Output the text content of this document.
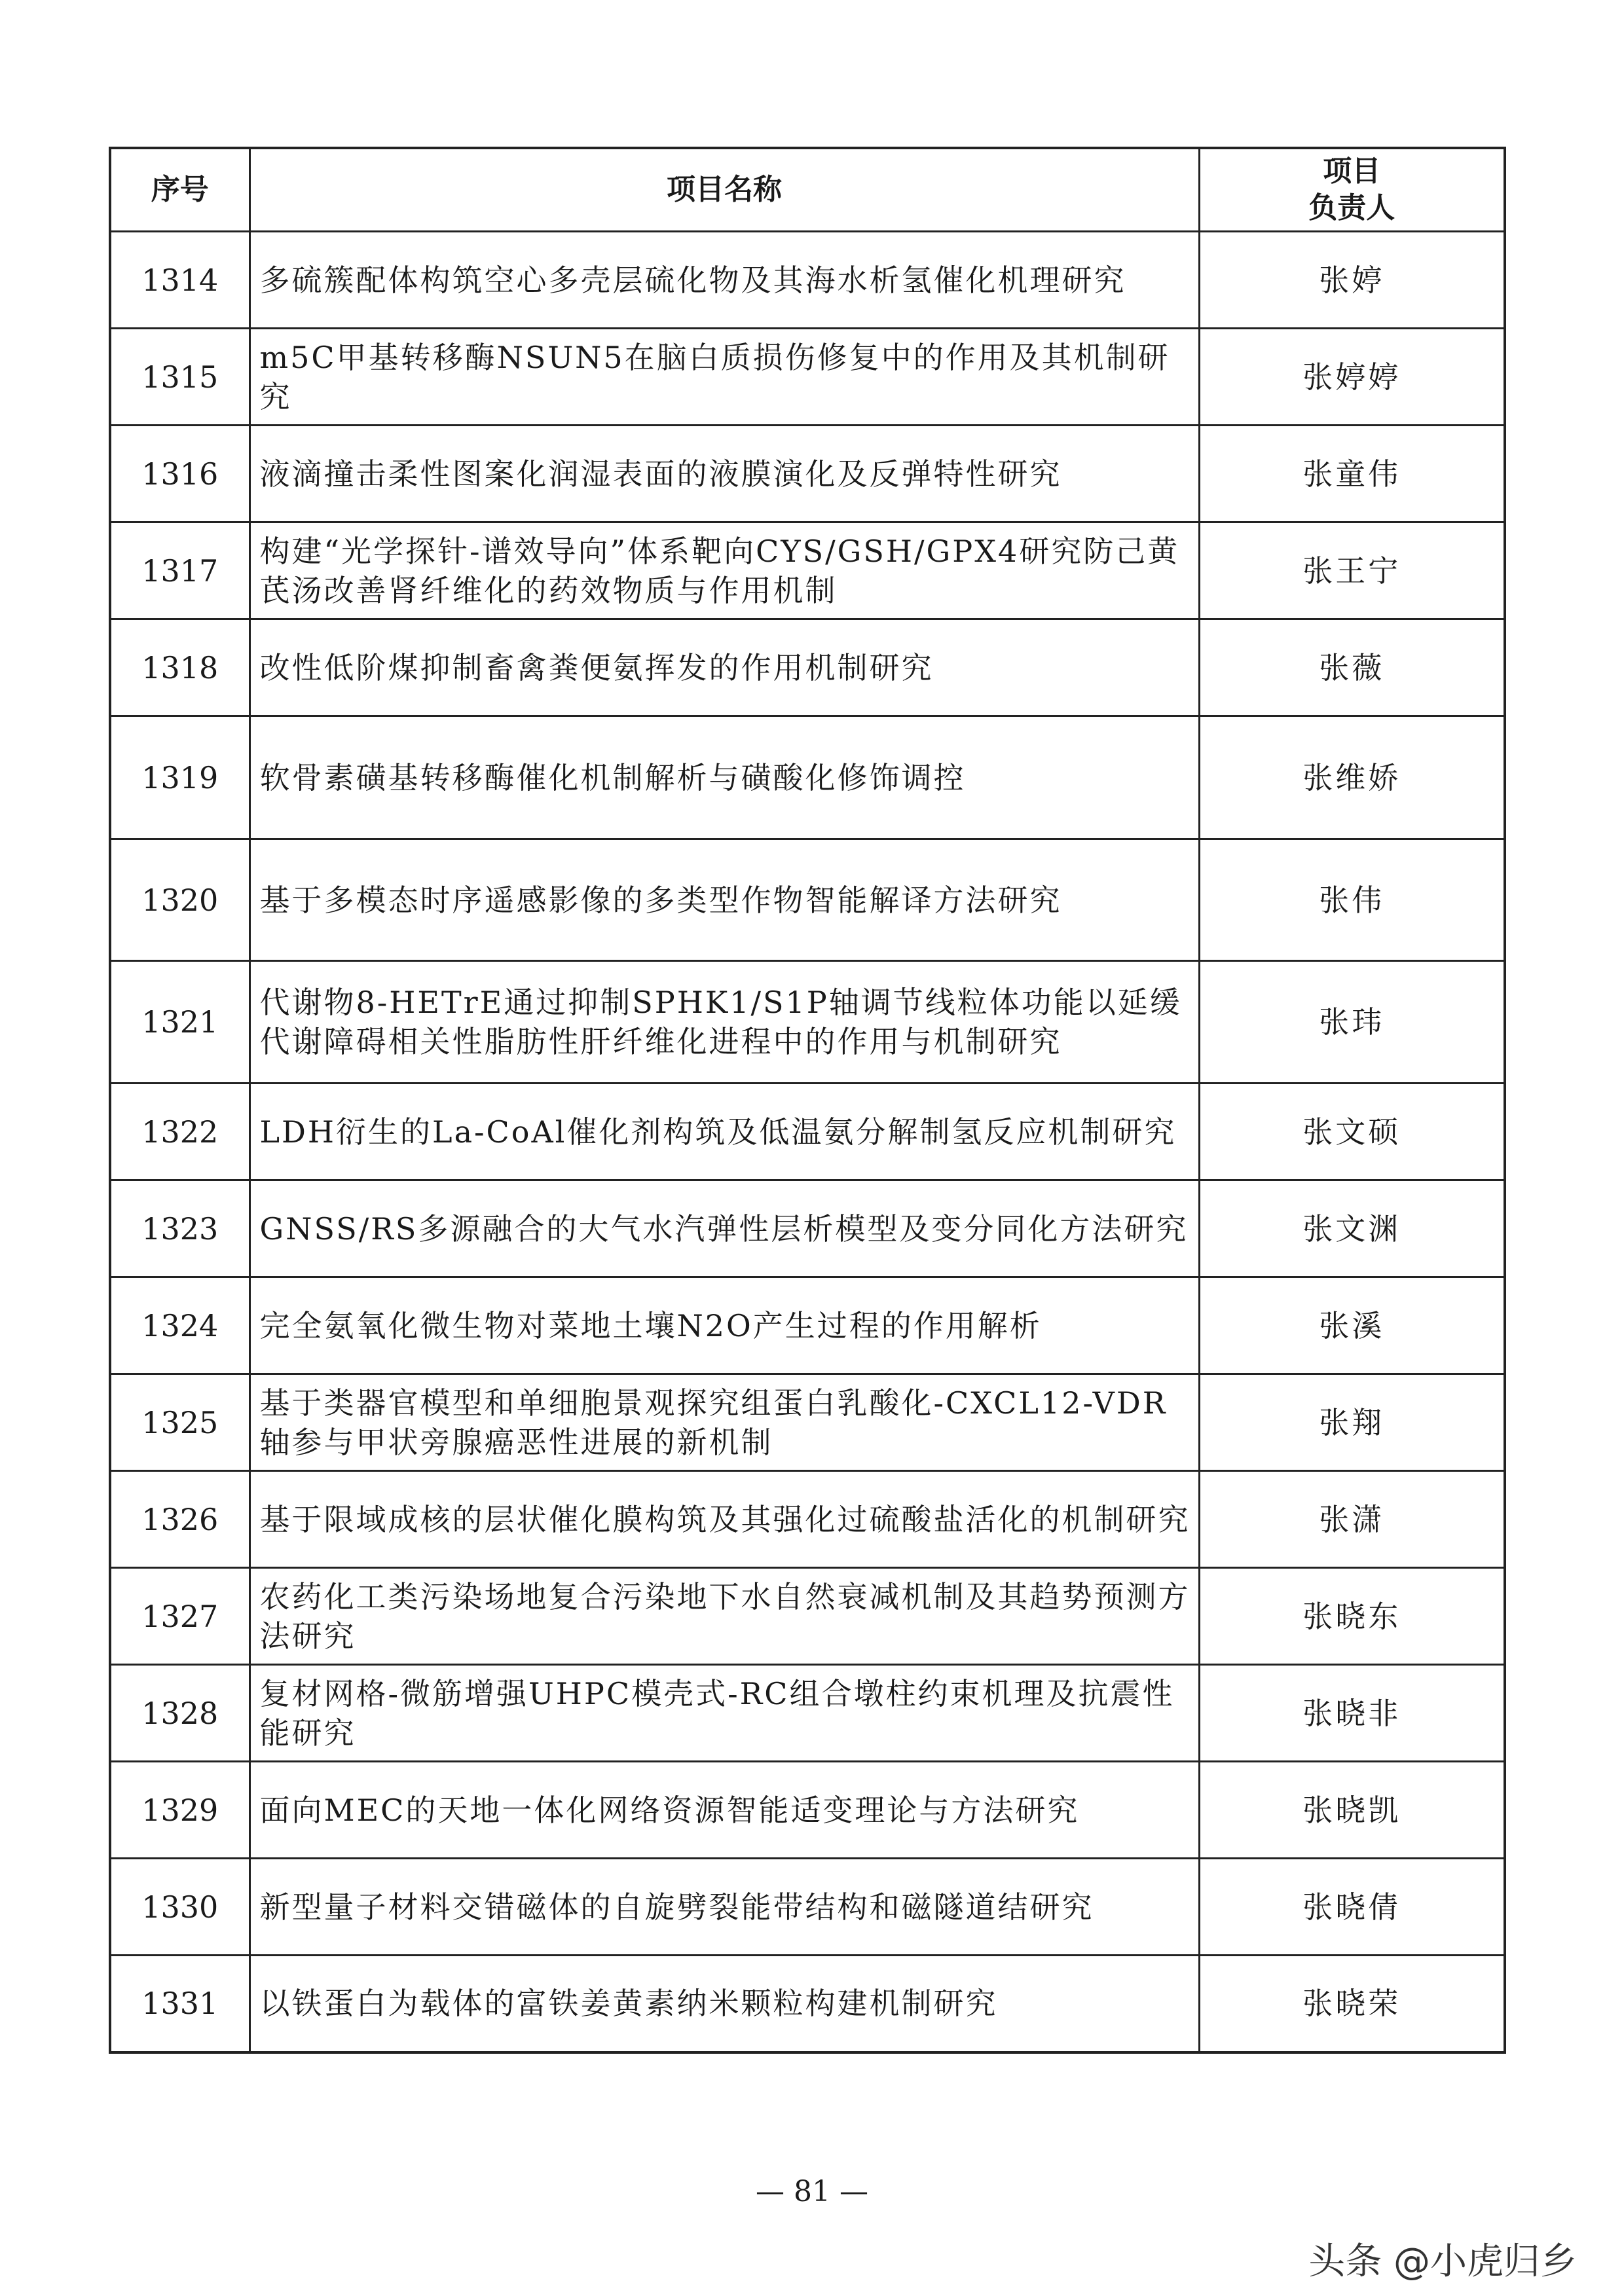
序号	项目名称	项目
负责人

1314	多硫簇配体构筑空心多壳层硫化物及其海水析氢催化机理研究	张婷
1315	m5C甲基转移酶NSUN5在脑白质损伤修复中的作用及其机制研究	张婷婷
1316	液滴撞击柔性图案化润湿表面的液膜演化及反弹特性研究	张童伟
1317	构建“光学探针-谱效导向”体系靶向CYS/GSH/GPX4研究防己黄芪汤改善肾纤维化的药效物质与作用机制	张王宁
1318	改性低阶煤抑制畜禽粪便氨挥发的作用机制研究	张薇
1319	软骨素磺基转移酶催化机制解析与磺酸化修饰调控	张维娇
1320	基于多模态时序遥感影像的多类型作物智能解译方法研究	张伟
1321	代谢物8-HETrE通过抑制SPHK1/S1P轴调节线粒体功能以延缓代谢障碍相关性脂肪性肝纤维化进程中的作用与机制研究	张玮
1322	LDH衍生的La-CoAl催化剂构筑及低温氨分解制氢反应机制研究	张文硕
1323	GNSS/RS多源融合的大气水汽弹性层析模型及变分同化方法研究	张文渊
1324	完全氨氧化微生物对菜地土壤N2O产生过程的作用解析	张溪
1325	基于类器官模型和单细胞景观探究组蛋白乳酸化-CXCL12-VDR轴参与甲状旁腺癌恶性进展的新机制	张翔
1326	基于限域成核的层状催化膜构筑及其强化过硫酸盐活化的机制研究	张潇
1327	农药化工类污染场地复合污染地下水自然衰减机制及其趋势预测方法研究	张晓东
1328	复材网格-微筋增强UHPC模壳式-RC组合墩柱约束机理及抗震性能研究	张晓非
1329	面向MEC的天地一体化网络资源智能适变理论与方法研究	张晓凯
1330	新型量子材料交错磁体的自旋劈裂能带结构和磁隧道结研究	张晓倩
1331	以铁蛋白为载体的富铁姜黄素纳米颗粒构建机制研究	张晓荣
— 81 —
头条 @小虎归乡
